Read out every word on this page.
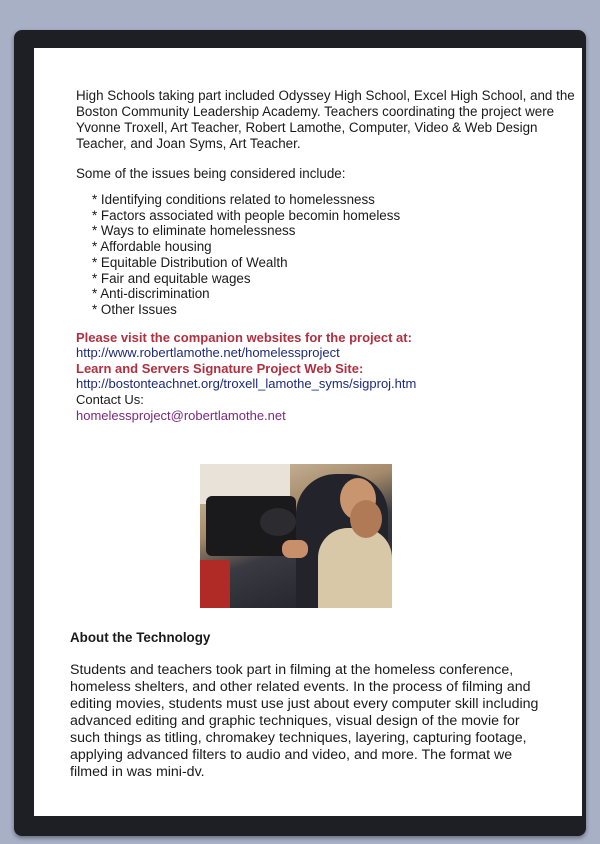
High Schools taking part included Odyssey High School, Excel High School, and the Boston Community Leadership Academy. Teachers coordinating the project were Yvonne Troxell, Art Teacher, Robert Lamothe, Computer, Video & Web Design Teacher, and Joan Syms, Art Teacher.

Some of the issues being considered include:

* Identifying conditions related to homelessness
* Factors associated with people becomin homeless
* Ways to eliminate homelessness
* Affordable housing
* Equitable Distribution of Wealth
* Fair and equitable wages
* Anti-discrimination
* Other Issues
Please visit the companion websites for the project at:
http://www.robertlamothe.net/homelessproject
Learn and Servers Signature Project Web Site:
http://bostonteachnet.org/troxell_lamothe_syms/sigproj.htm
Contact Us:
homelessproject@robertlamothe.net
About the Technology

Students and teachers took part in filming at the homeless conference, homeless shelters, and other related events. In the process of filming and editing movies, students must use just about every computer skill including advanced editing and graphic techniques, visual design of the movie for such things as titling, chromakey techniques, layering, capturing footage, applying advanced filters to audio and video, and more. The format we filmed in was mini-dv.
